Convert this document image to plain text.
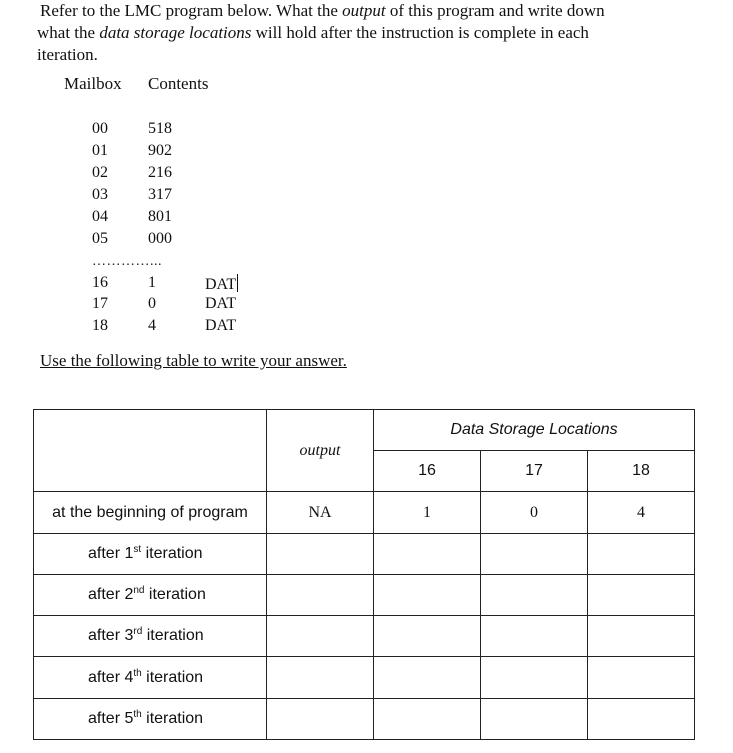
Refer to the LMC program below. What the output of this program and write down
what the data storage locations will hold after the instruction is complete in each
iteration.
Mailbox Contents
00	518
01	902
02	216
03	317
04	801
05	000
…………...
16	1	DAT
17	0	DAT
18	4	DAT
Use the following table to write your answer.
	output	Data Storage Locations		
		16	17	18
at the beginning of program	NA	1	0	4
after 1st iteration				
after 2nd iteration				
after 3rd iteration				
after 4th iteration				
after 5th iteration				
